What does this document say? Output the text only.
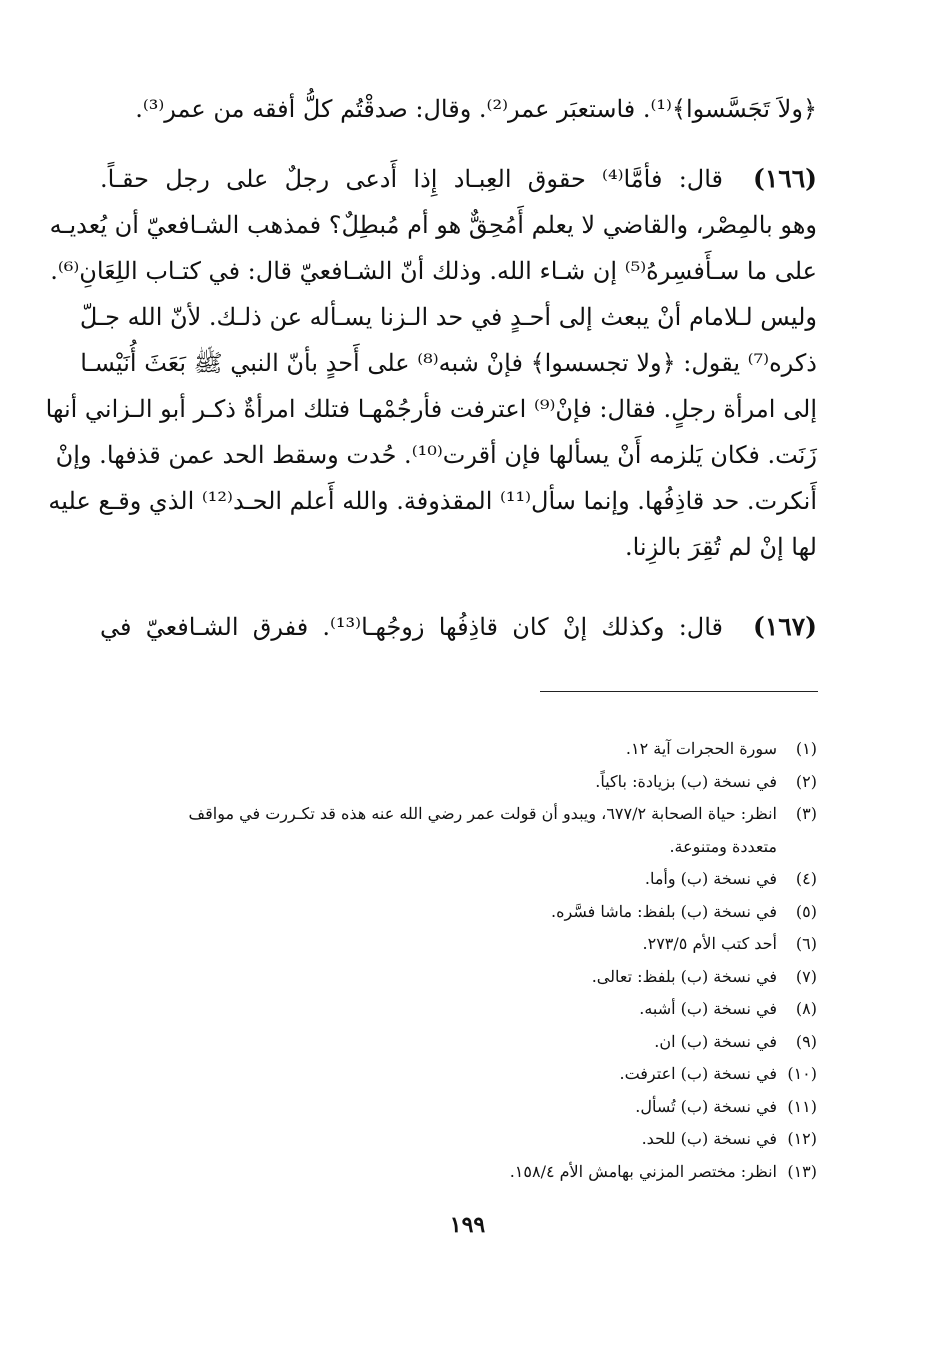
﴿ولاَ تَجَسَّسوا﴾⁽¹⁾. فاستعبَر عمر⁽²⁾. وقال: صدقْتُم كلُّ أفقه من عمر⁽³⁾.
(١٦٦)قال: فأمَّا⁽⁴⁾ حقوق العِبـاد إِذا أَدعى رجلٌ على رجل حقـاً.
وهو بالمِصْر، والقاضي لا يعلم أَمُحِقٌّ هو أم مُبطِلٌ؟ فمذهب الشـافعيّ أن يُعديـه
على ما سـأَفسِرهُ⁽⁵⁾ إن شـاء الله. وذلك أنّ الشـافعيّ قال: في كتـاب اللِعَانِ⁽⁶⁾.
وليس لـلامام أنْ يبعث إلى أحـدٍ في حد الـزنا يسـأله عن ذلـك. لأنّ الله جـلّ
ذكره⁽⁷⁾ يقول: ﴿ولا تجسسوا﴾ فإنْ شبه⁽⁸⁾ على أَحدٍ بأنّ النبي ﷺ بَعَثَ أُنَيْسـا
إلى امرأة رجلٍ. فقال: فإنْ⁽⁹⁾ اعترفت فأرجُمْهـا فتلك امرأةٌ ذكـر أبو الـزاني أنها
زَنَت. فكان يَلزمه أَنْ يسألها فإن أقرت⁽¹⁰⁾. حُدت وسقط الحد عمن قذفها. وإنْ
أَنكرت. حد قاذِفُها. وإنما سأل⁽¹¹⁾ المقذوفة. والله أَعلم الحـد⁽¹²⁾ الذي وقـع عليه
لها إنْ لم تُقِرَ بالزِنا.
(١٦٧)قال: وكذلك إنْ كان قاذِفُها زوجُهـا⁽¹³⁾. ففرق الشـافعيّ في
(١)
سورة الحجرات آية ١٢.
(٢)
في نسخة (ب) بزيادة: باكياً.
(٣)
انظر: حياة الصحابة ٦٧٧/٢، ويبدو أن قولت عمر رضي الله عنه هذه قد تكـررت في مواقف
متعددة ومتنوعة.
(٤)
في نسخة (ب) وأما.
(٥)
في نسخة (ب) بلفظ: ماشا فسَّره.
(٦)
أحد كتب الأم ٢٧٣/٥.
(٧)
في نسخة (ب) بلفظ: تعالى.
(٨)
في نسخة (ب) أشبه.
(٩)
في نسخة (ب) ان.
(١٠)
في نسخة (ب) اعترفت.
(١١)
في نسخة (ب) تُسأل.
(١٢)
في نسخة (ب) للحد.
(١٣)
انظر: مختصر المزني بهامش الأم ١٥٨/٤.
١٩٩
